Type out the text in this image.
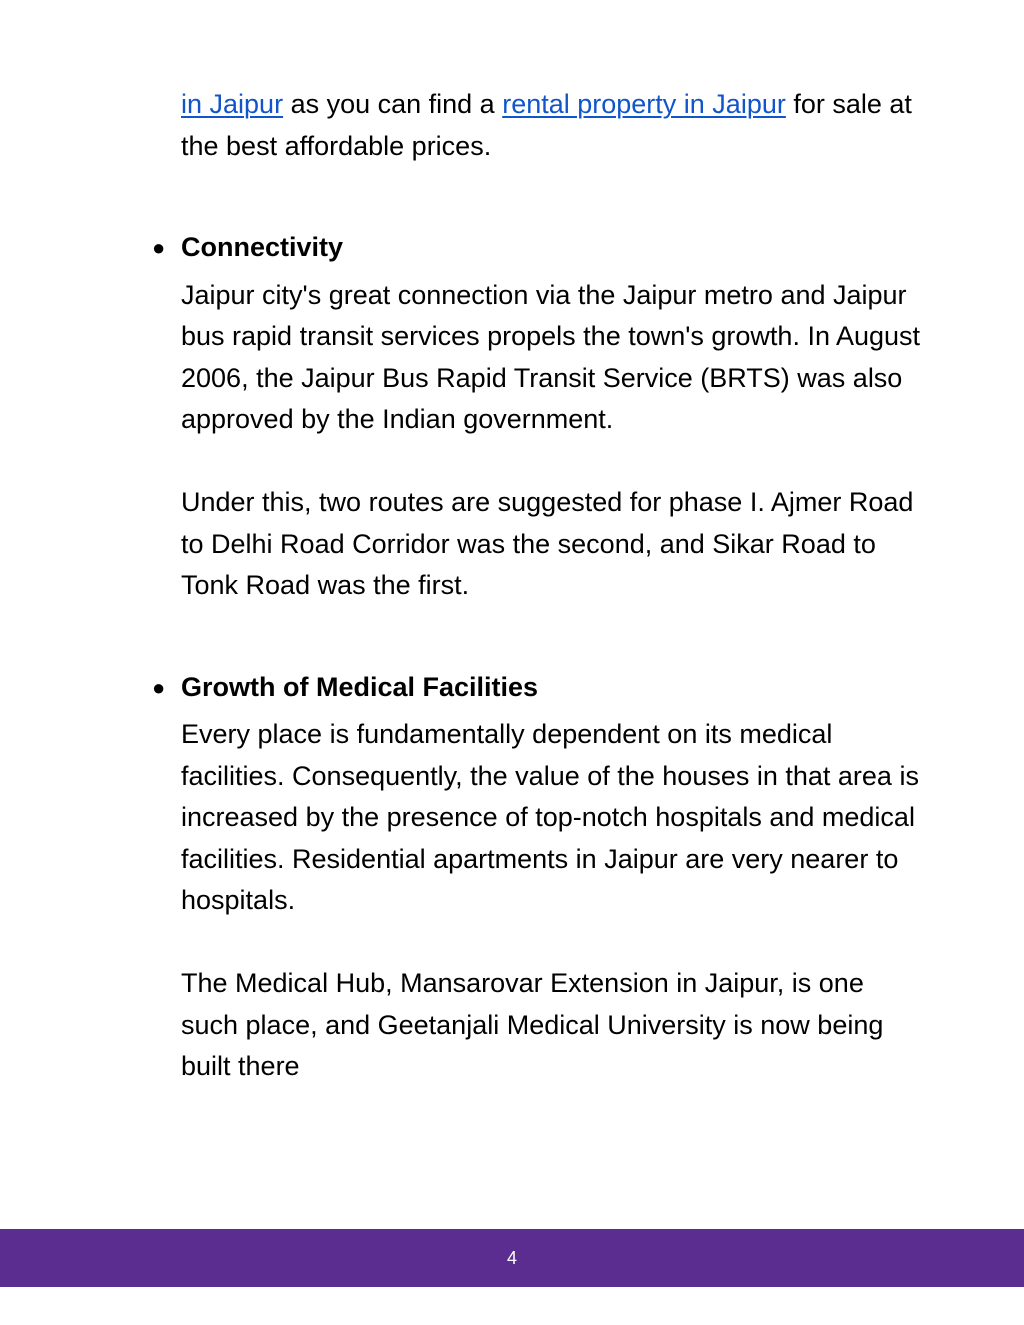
in Jaipur as you can find a rental property in Jaipur for sale at the best affordable prices.

● Connectivity

Jaipur city's great connection via the Jaipur metro and Jaipur bus rapid transit services propels the town's growth. In August 2006, the Jaipur Bus Rapid Transit Service (BRTS) was also approved by the Indian government.

Under this, two routes are suggested for phase I. Ajmer Road to Delhi Road Corridor was the second, and Sikar Road to Tonk Road was the first.

● Growth of Medical Facilities

Every place is fundamentally dependent on its medical facilities. Consequently, the value of the houses in that area is increased by the presence of top-notch hospitals and medical facilities. Residential apartments in Jaipur are very nearer to hospitals.

The Medical Hub, Mansarovar Extension in Jaipur, is one such place, and Geetanjali Medical University is now being built there

4
